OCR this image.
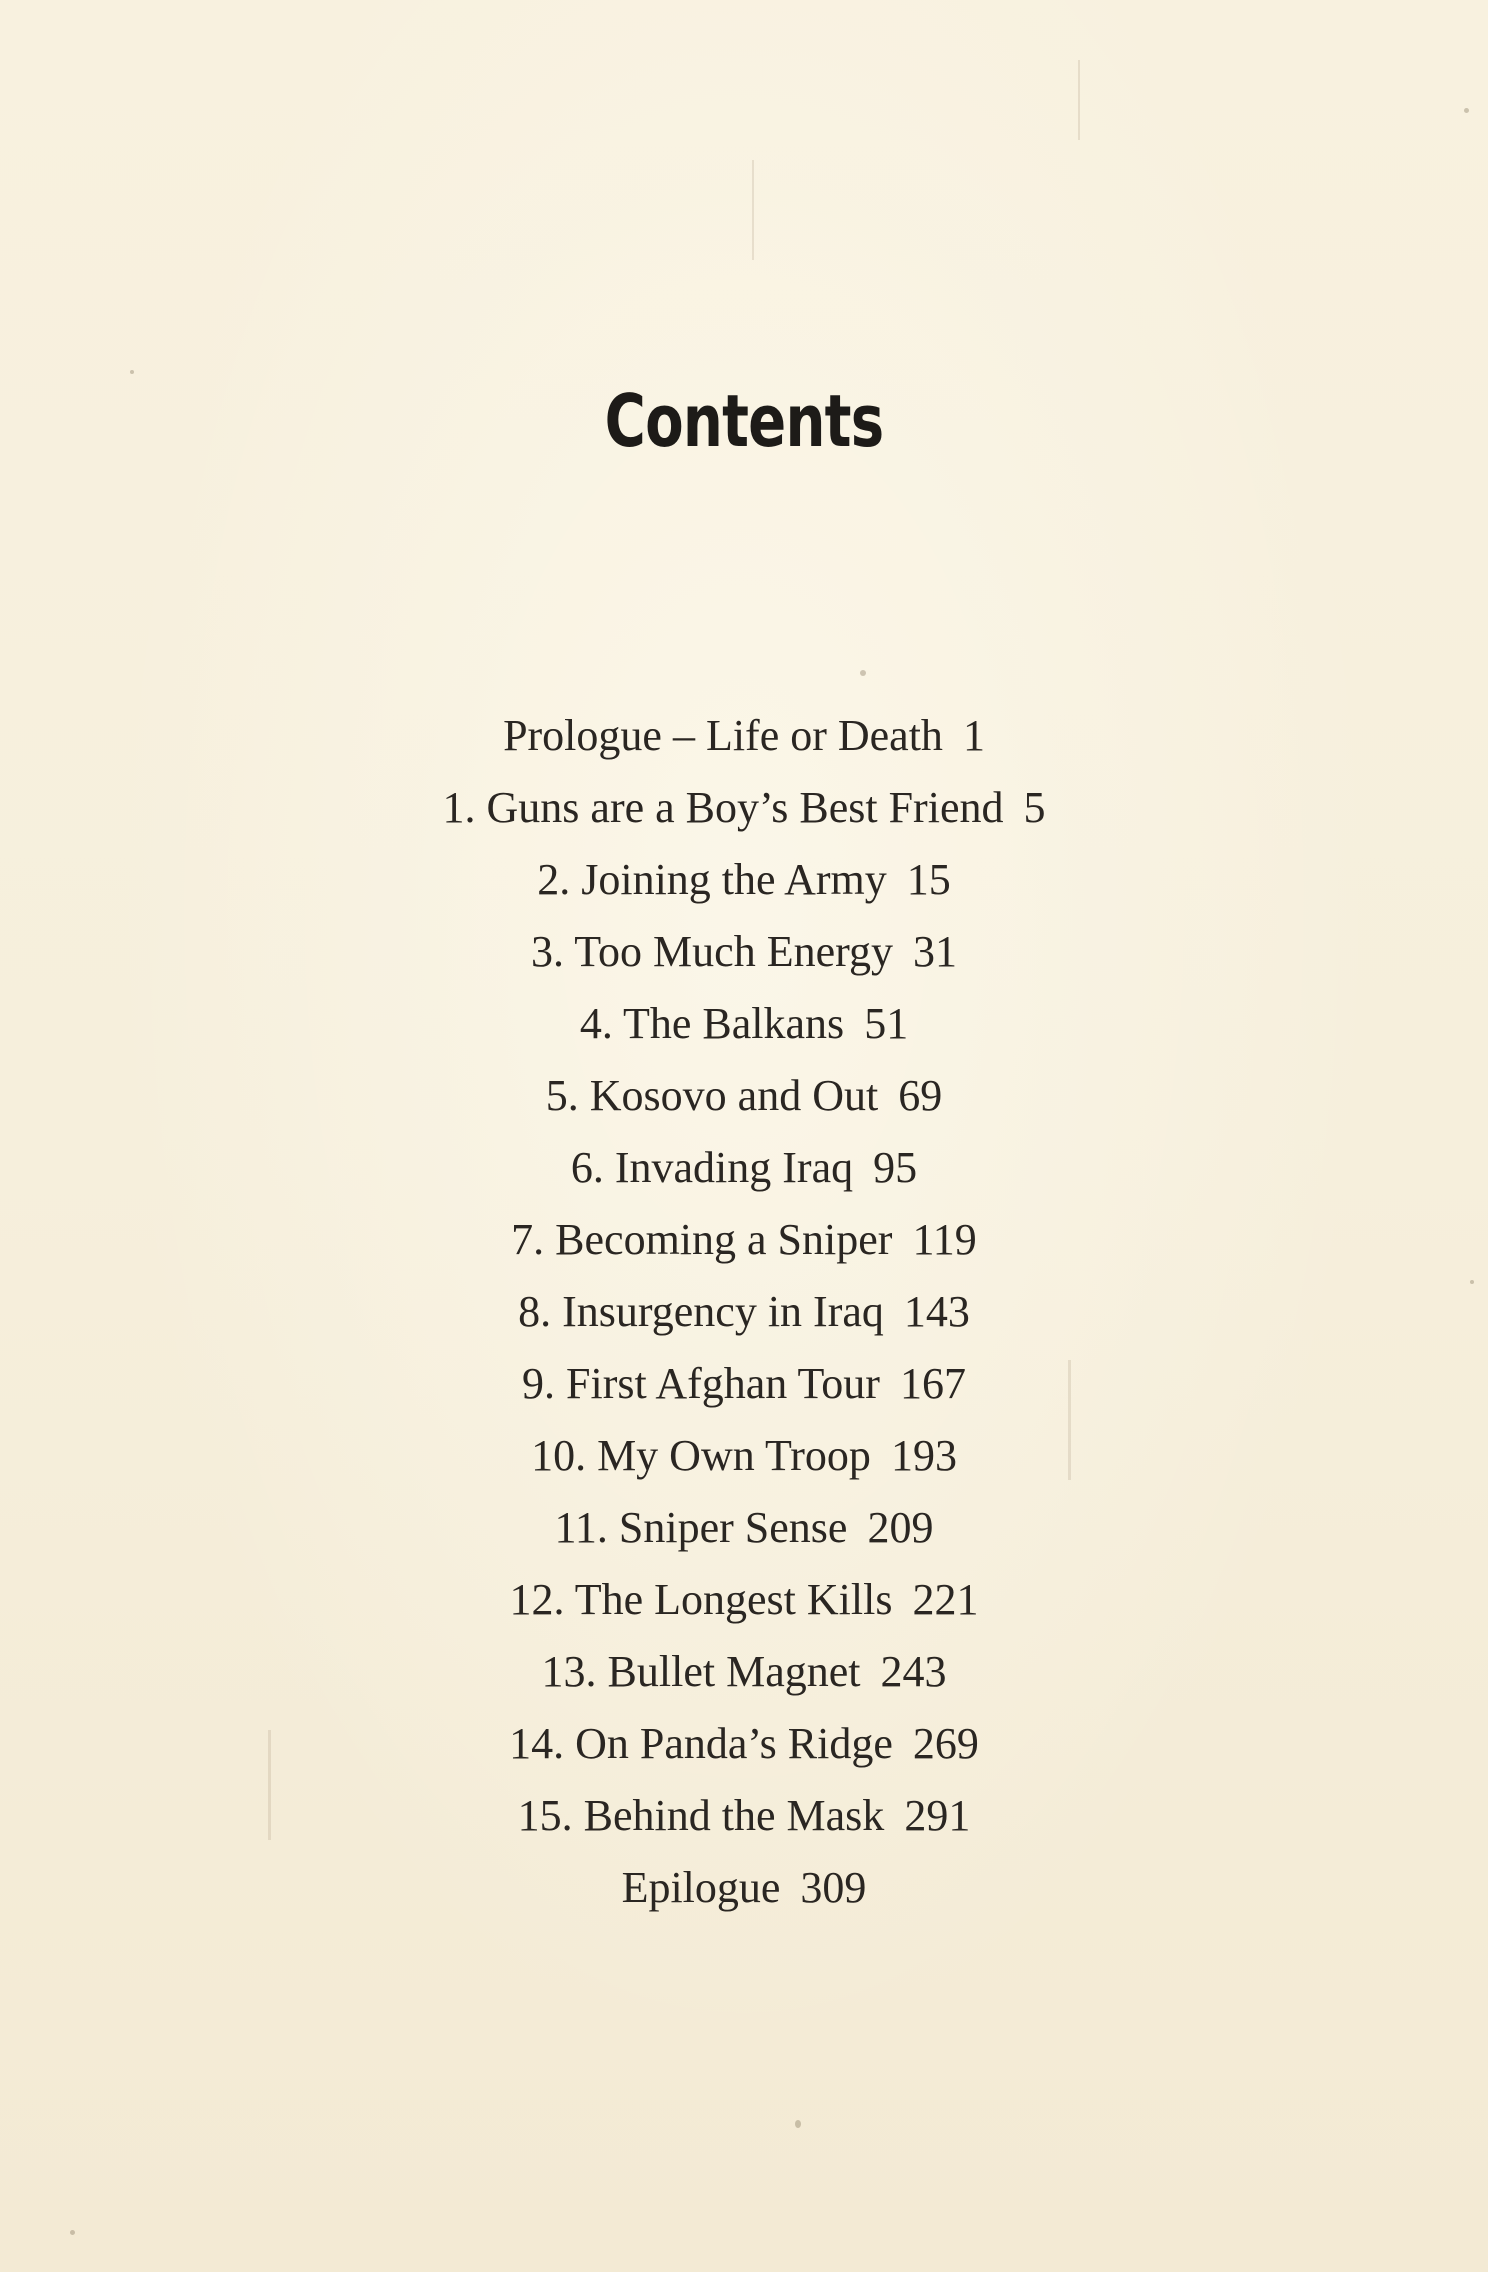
Contents
Prologue – Life or Death 1
1. Guns are a Boy’s Best Friend 5
2. Joining the Army 15
3. Too Much Energy 31
4. The Balkans 51
5. Kosovo and Out 69
6. Invading Iraq 95
7. Becoming a Sniper 119
8. Insurgency in Iraq 143
9. First Afghan Tour 167
10. My Own Troop 193
11. Sniper Sense 209
12. The Longest Kills 221
13. Bullet Magnet 243
14. On Panda’s Ridge 269
15. Behind the Mask 291
Epilogue 309
